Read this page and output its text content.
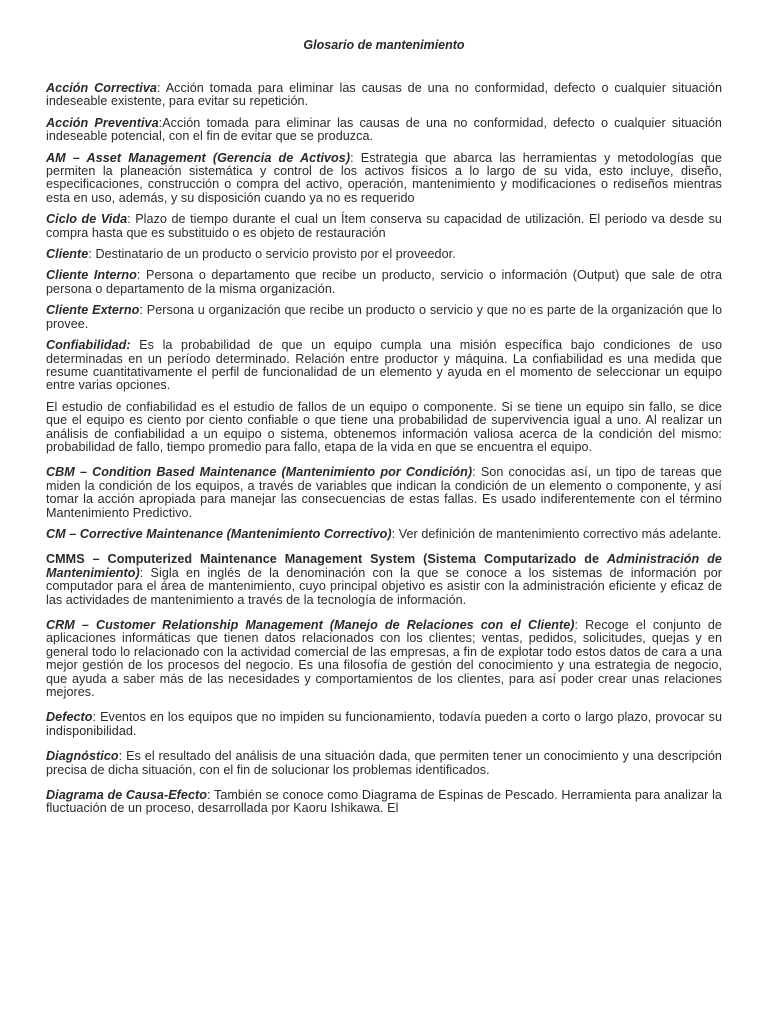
Glosario de mantenimiento

Acción Correctiva: Acción tomada para eliminar las causas de una no conformidad, defecto o cualquier situación indeseable existente, para evitar su repetición.

Acción Preventiva:Acción tomada para eliminar las causas de una no conformidad, defecto o cualquier situación indeseable potencial, con el fin de evitar que se produzca.

AM – Asset Management (Gerencia de Activos): Estrategia que abarca las herramientas y metodologías que permiten la planeación sistemática y control de los activos físicos a lo largo de su vida, esto incluye, diseño, especificaciones, construcción o compra del activo, operación, mantenimiento y modificaciones o rediseños mientras esta en uso, además, y su disposición cuando ya no es requerido

Ciclo de Vida: Plazo de tiempo durante el cual un Ítem conserva su capacidad de utilización. El periodo va desde su compra hasta que es substituido o es objeto de restauración

Cliente: Destinatario de un producto o servicio provisto por el proveedor.

Cliente Interno: Persona o departamento que recibe un producto, servicio o información (Output) que sale de otra persona o departamento de la misma organización.

Cliente Externo: Persona u organización que recibe un producto o servicio y que no es parte de la organización que lo provee.

Confiabilidad: Es la probabilidad de que un equipo cumpla una misión específica bajo condiciones de uso determinadas en un período determinado. Relación entre productor y máquina. La confiabilidad es una medida que resume cuantitativamente el perfil de funcionalidad de un elemento y ayuda en el momento de seleccionar un equipo entre varias opciones.

El estudio de confiabilidad es el estudio de fallos de un equipo o componente. Si se tiene un equipo sin fallo, se dice que el equipo es ciento por ciento confiable o que tiene una probabilidad de supervivencia igual a uno. Al realizar un análisis de confiabilidad a un equipo o sistema, obtenemos información valiosa acerca de la condición del mismo: probabilidad de fallo, tiempo promedio para fallo, etapa de la vida en que se encuentra el equipo.

CBM – Condition Based Maintenance (Mantenimiento por Condición): Son conocidas así, un tipo de tareas que miden la condición de los equipos, a través de variables que indican la condición de un elemento o componente, y así tomar la acción apropiada para manejar las consecuencias de estas fallas. Es usado indiferentemente con el término Mantenimiento Predictivo.

CM – Corrective Maintenance (Mantenimiento Correctivo): Ver definición de mantenimiento correctivo más adelante.

CMMS – Computerized Maintenance Management System (Sistema Computarizado de Administración de Mantenimiento): Sigla en inglés de la denominación con la que se conoce a los sistemas de información por computador para el área de mantenimiento, cuyo principal objetivo es asistir con la administración eficiente y eficaz de las actividades de mantenimiento a través de la tecnología de información.

CRM – Customer Relationship Management (Manejo de Relaciones con el Cliente): Recoge el conjunto de aplicaciones informáticas que tienen datos relacionados con los clientes; ventas, pedidos, solicitudes, quejas y en general todo lo relacionado con la actividad comercial de las empresas, a fin de explotar todo estos datos de cara a una mejor gestión de los procesos del negocio. Es una filosofía de gestión del conocimiento y una estrategia de negocio, que ayuda a saber más de las necesidades y comportamientos de los clientes, para así poder crear unas relaciones mejores.

Defecto: Eventos en los equipos que no impiden su funcionamiento, todavía pueden a corto o largo plazo, provocar su indisponibilidad.

Diagnóstico: Es el resultado del análisis de una situación dada, que permiten tener un conocimiento y una descripción precisa de dicha situación, con el fin de solucionar los problemas identificados.

Diagrama de Causa-Efecto: También se conoce como Diagrama de Espinas de Pescado. Herramienta para analizar la fluctuación de un proceso, desarrollada por Kaoru Ishikawa. El
